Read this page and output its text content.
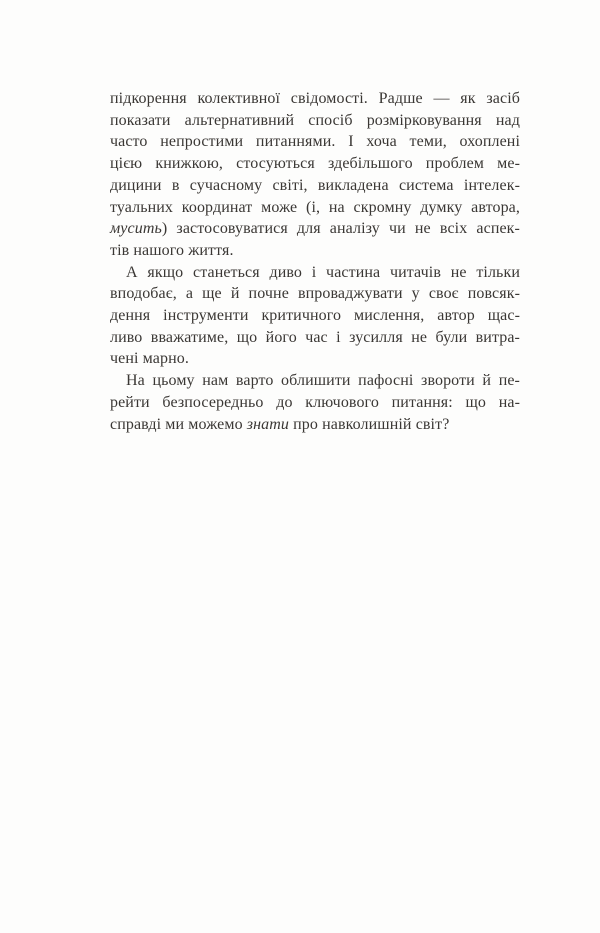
підкорення колективної свідомості. Радше — як засіб
показати альтернативний спосіб розмірковування над
часто непростими питаннями. І хоча теми, охоплені
цією книжкою, стосуються здебільшого проблем ме-
дицини в сучасному світі, викладена система інтелек-
туальних координат може (і, на скромну думку автора,
мусить) застосовуватися для аналізу чи не всіх аспек-
тів нашого життя.

А якщо станеться диво і частина читачів не тільки
вподобає, а ще й почне впроваджувати у своє повсяк-
дення інструменти критичного мислення, автор щас-
ливо вважатиме, що його час і зусилля не були витра-
чені марно.

На цьому нам варто облишити пафосні звороти й пе-
рейти безпосередньо до ключового питання: що на-
справді ми можемо знати про навколишній світ?
